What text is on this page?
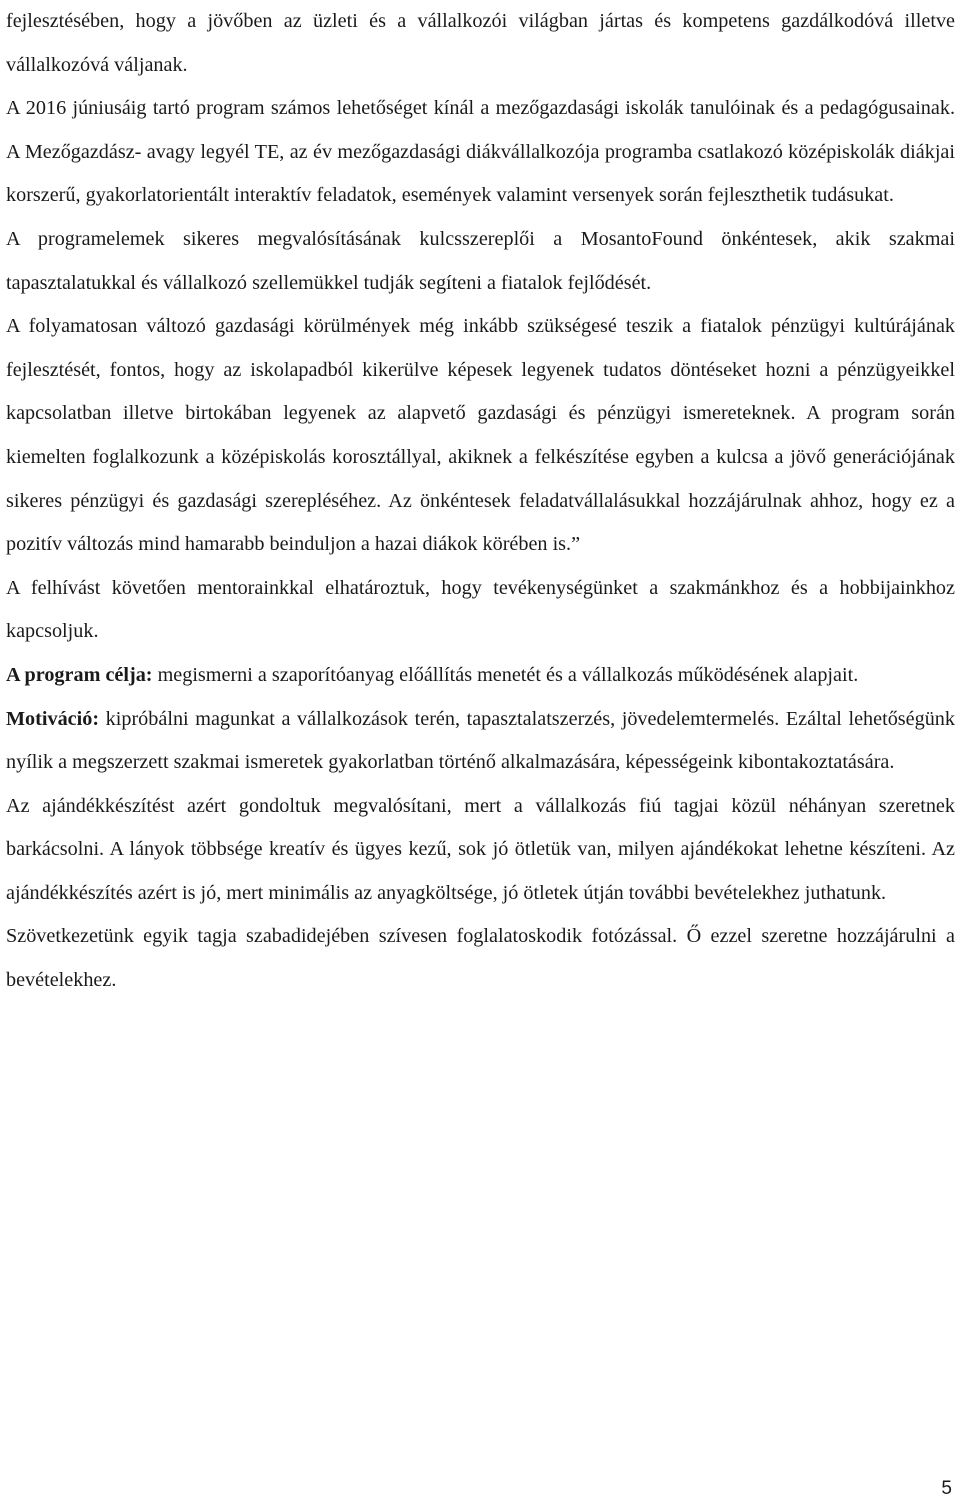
fejlesztésében, hogy a jövőben az üzleti és a vállalkozói világban jártas és kompetens gazdálkodóvá illetve vállalkozóvá váljanak.

A 2016 júniusáig tartó program számos lehetőséget kínál a mezőgazdasági iskolák tanulóinak és a pedagógusainak. A Mezőgazdász- avagy legyél TE, az év mezőgazdasági diákvállalkozója programba csatlakozó középiskolák diákjai korszerű, gyakorlatorientált interaktív feladatok, események valamint versenyek során fejleszthetik tudásukat.

A programelemek sikeres megvalósításának kulcsszereplői a MosantoFound önkéntesek, akik szakmai tapasztalatukkal és vállalkozó szellemükkel tudják segíteni a fiatalok fejlődését.

A folyamatosan változó gazdasági körülmények még inkább szükségesé teszik a fiatalok pénzügyi kultúrájának fejlesztését, fontos, hogy az iskolapadból kikerülve képesek legyenek tudatos döntéseket hozni a pénzügyeikkel kapcsolatban illetve birtokában legyenek az alapvető gazdasági és pénzügyi ismereteknek. A program során kiemelten foglalkozunk a középiskolás korosztállyal, akiknek a felkészítése egyben a kulcsa a jövő generációjának sikeres pénzügyi és gazdasági szerepléséhez. Az önkéntesek feladatvállalásukkal hozzájárulnak ahhoz, hogy ez a pozitív változás mind hamarabb beinduljon a hazai diákok körében is.”

A felhívást követően mentorainkkal elhatároztuk, hogy tevékenységünket a szakmánkhoz és a hobbijainkhoz kapcsoljuk.

A program célja: megismerni a szaporítóanyag előállítás menetét és a vállalkozás működésének alapjait.

Motiváció: kipróbálni magunkat a vállalkozások terén, tapasztalatszerzés, jövedelemtermelés. Ezáltal lehetőségünk nyílik a megszerzett szakmai ismeretek gyakorlatban történő alkalmazására, képességeink kibontakoztatására.

Az ajándékkészítést azért gondoltuk megvalósítani, mert a vállalkozás fiú tagjai közül néhányan szeretnek barkácsolni. A lányok többsége kreatív és ügyes kezű, sok jó ötletük van, milyen ajándékokat lehetne készíteni. Az ajándékkészítés azért is jó, mert minimális az anyagköltsége, jó ötletek útján további bevételekhez juthatunk.

Szövetkezetünk egyik tagja szabadidejében szívesen foglalatoskodik fotózással. Ő ezzel szeretne hozzájárulni a bevételekhez.

5
